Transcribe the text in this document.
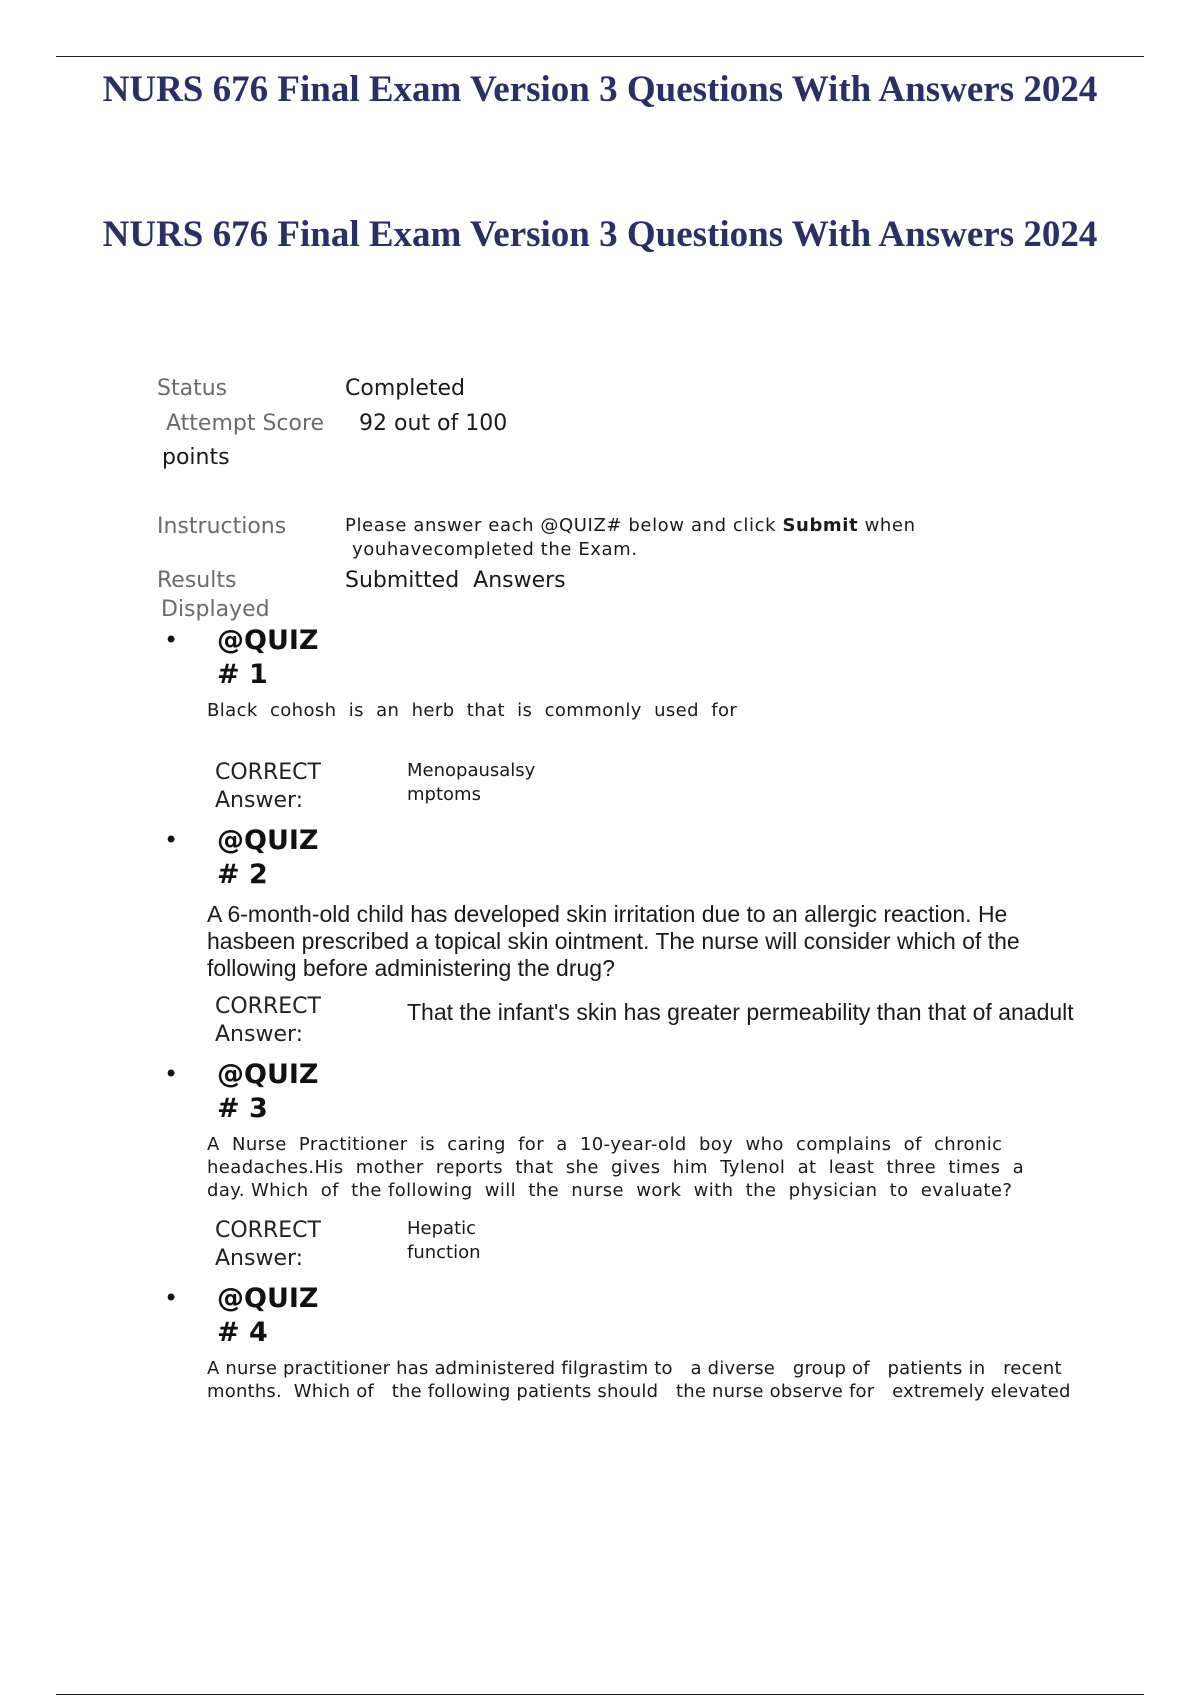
NURS 676 Final Exam Version 3 Questions With Answers 2024
NURS 676 Final Exam Version 3 Questions With Answers 2024
Status	Completed
Attempt Score 92 out of 100
points
Instructions	Please answer each @QUIZ# below and click Submit when
youhavecompleted the Exam.
Results
Displayed
Submitted  Answers
• @QUIZ
# 1
Black  cohosh  is  an  herb  that  is  commonly  used  for
CORRECT
Answer:
Menopausalsy mptoms
• @QUIZ
# 2
A 6-month-old child has developed skin irritation due to an allergic reaction. He hasbeen prescribed a topical skin ointment. The nurse will consider which of the following before administering the drug?
CORRECT
Answer:
That the infant's skin has greater permeability than that of anadult
• @QUIZ
# 3
A  Nurse  Practitioner  is  caring  for  a  10-year-old  boy  who  complains  of  chronic headaches.His  mother  reports  that  she  gives  him  Tylenol  at  least  three  times  a  day. Which  of  the following  will  the  nurse  work  with  the  physician  to  evaluate?
CORRECT
Answer:
Hepatic function
• @QUIZ
# 4
A nurse practitioner has administered filgrastim to   a diverse   group of   patients in   recent months.  Which of   the following patients should   the nurse observe for   extremely elevated
